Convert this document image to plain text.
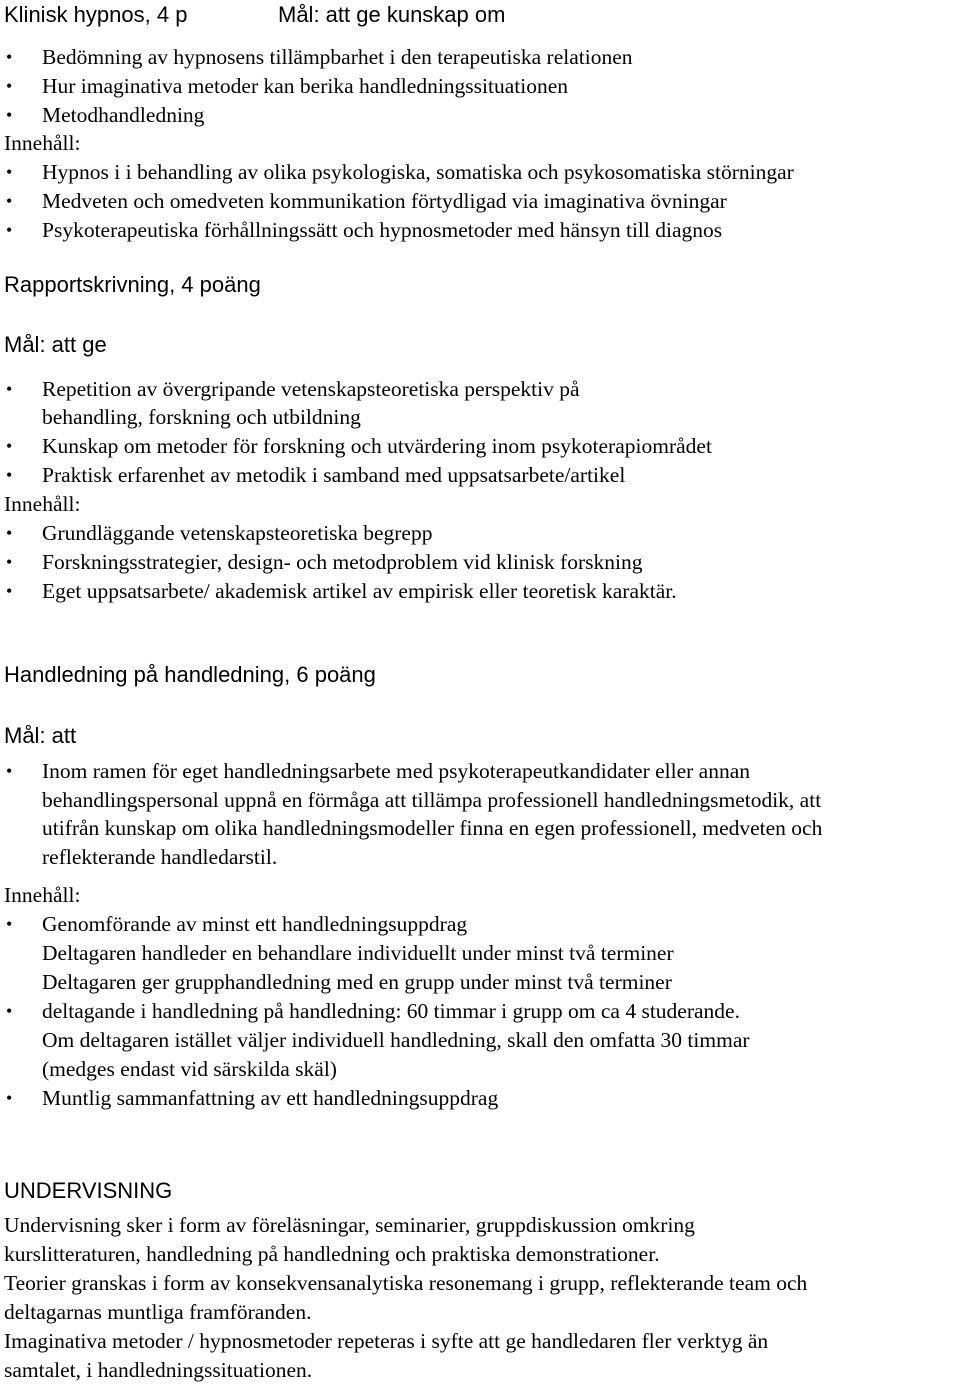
Klinisk hypnos, 4 p	Mål: att ge kunskap om
• Bedömning av hypnosens tillämpbarhet i den terapeutiska relationen
• Hur imaginativa metoder kan berika handledningssituationen
• Metodhandledning
Innehåll:
• Hypnos i i behandling av olika psykologiska, somatiska och psykosomatiska störningar
• Medveten och omedveten kommunikation förtydligad via imaginativa övningar
• Psykoterapeutiska förhållningssätt och hypnosmetoder med hänsyn till diagnos
Rapportskrivning, 4 poäng
Mål: att ge
• Repetition av övergripande vetenskapsteoretiska perspektiv på
behandling, forskning och utbildning
• Kunskap om metoder för forskning och utvärdering inom psykoterapiområdet
• Praktisk erfarenhet av metodik i samband med uppsatsarbete/artikel
Innehåll:
• Grundläggande vetenskapsteoretiska begrepp
• Forskningsstrategier, design- och metodproblem vid klinisk forskning
• Eget uppsatsarbete/ akademisk artikel av empirisk eller teoretisk karaktär.
Handledning på handledning, 6 poäng
Mål: att
• Inom ramen för eget handledningsarbete med psykoterapeutkandidater eller annan
behandlingspersonal uppnå en förmåga att tillämpa professionell handledningsmetodik, att
utifrån kunskap om olika handledningsmodeller finna en egen professionell, medveten och
reflekterande handledarstil.
Innehåll:
• Genomförande av minst ett handledningsuppdrag
Deltagaren handleder en behandlare individuellt under minst två terminer
Deltagaren ger grupphandledning med en grupp under minst två terminer
• deltagande i handledning på handledning: 60 timmar i grupp om ca 4 studerande.
Om deltagaren istället väljer individuell handledning, skall den omfatta 30 timmar
(medges endast vid särskilda skäl)
• Muntlig sammanfattning av ett handledningsuppdrag
UNDERVISNING
Undervisning sker i form av föreläsningar, seminarier, gruppdiskussion omkring
kurslitteraturen, handledning på handledning och praktiska demonstrationer.
Teorier granskas i form av konsekvensanalytiska resonemang i grupp, reflekterande team och
deltagarnas muntliga framföranden.
Imaginativa metoder / hypnosmetoder repeteras i syfte att ge handledaren fler verktyg än
samtalet, i handledningssituationen.
